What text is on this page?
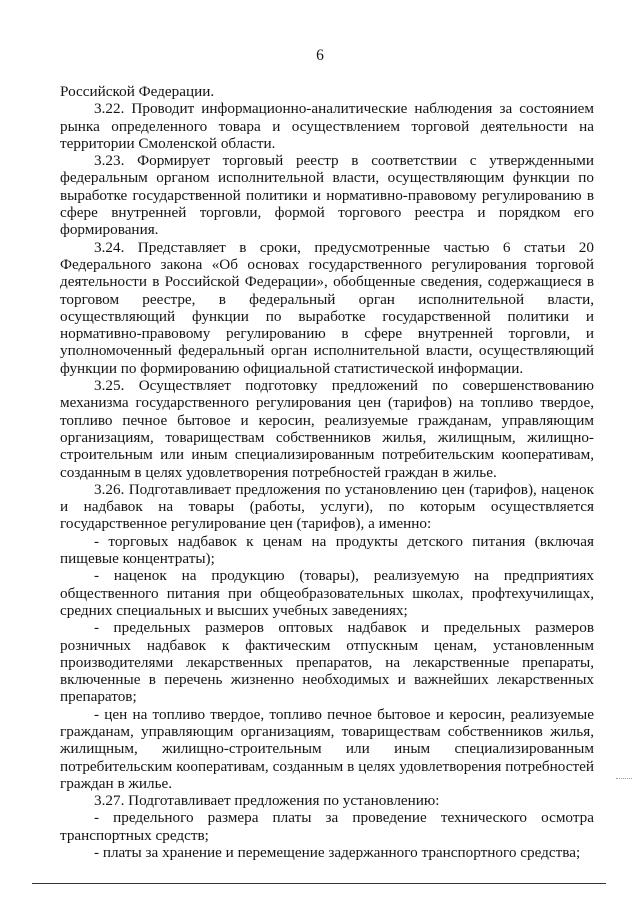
6

Российской Федерации.

3.22. Проводит информационно-аналитические наблюдения за состоянием рынка определенного товара и осуществлением торговой деятельности на территории Смоленской области.

3.23. Формирует торговый реестр в соответствии с утвержденными федеральным органом исполнительной власти, осуществляющим функции по выработке государственной политики и нормативно-правовому регулированию в сфере внутренней торговли, формой торгового реестра и порядком его формирования.

3.24. Представляет в сроки, предусмотренные частью 6 статьи 20 Федерального закона «Об основах государственного регулирования торговой деятельности в Российской Федерации», обобщенные сведения, содержащиеся в торговом реестре, в федеральный орган исполнительной власти, осуществляющий функции по выработке государственной политики и нормативно-правовому регулированию в сфере внутренней торговли, и уполномоченный федеральный орган исполнительной власти, осуществляющий функции по формированию официальной статистической информации.

3.25. Осуществляет подготовку предложений по совершенствованию механизма государственного регулирования цен (тарифов) на топливо твердое, топливо печное бытовое и керосин, реализуемые гражданам, управляющим организациям, товариществам собственников жилья, жилищным, жилищно-строительным или иным специализированным потребительским кооперативам, созданным в целях удовлетворения потребностей граждан в жилье.

3.26. Подготавливает предложения по установлению цен (тарифов), наценок и надбавок на товары (работы, услуги), по которым осуществляется государственное регулирование цен (тарифов), а именно:

- торговых надбавок к ценам на продукты детского питания (включая пищевые концентраты);

- наценок на продукцию (товары), реализуемую на предприятиях общественного питания при общеобразовательных школах, профтехучилищах, средних специальных и высших учебных заведениях;

- предельных размеров оптовых надбавок и предельных размеров розничных надбавок к фактическим отпускным ценам, установленным производителями лекарственных препаратов, на лекарственные препараты, включенные в перечень жизненно необходимых и важнейших лекарственных препаратов;

- цен на топливо твердое, топливо печное бытовое и керосин, реализуемые гражданам, управляющим организациям, товариществам собственников жилья, жилищным, жилищно-строительным или иным специализированным потребительским кооперативам, созданным в целях удовлетворения потребностей граждан в жилье.

3.27. Подготавливает предложения по установлению:

- предельного размера платы за проведение технического осмотра транспортных средств;

- платы за хранение и перемещение задержанного транспортного средства;
